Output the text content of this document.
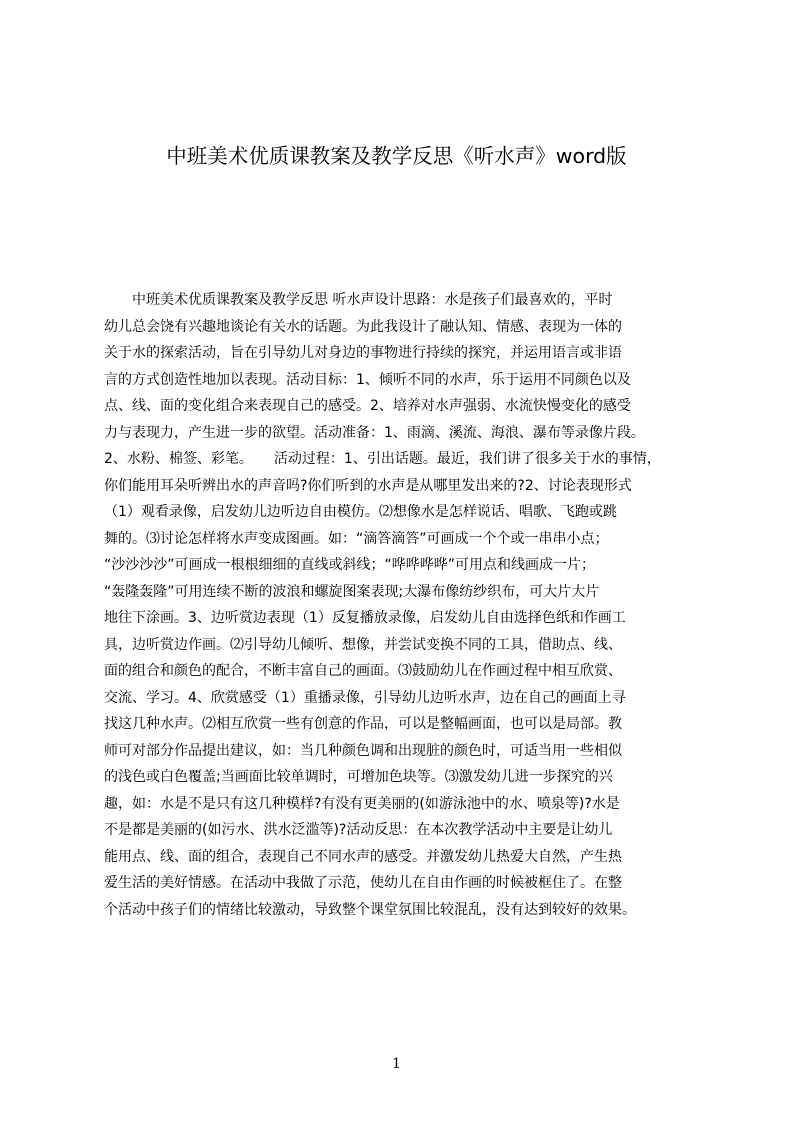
中班美术优质课教案及教学反思《听水声》word版
　　中班美术优质课教案及教学反思 听水声设计思路：水是孩子们最喜欢的，平时
幼儿总会饶有兴趣地谈论有关水的话题。为此我设计了融认知、情感、表现为一体的
关于水的探索活动，旨在引导幼儿对身边的事物进行持续的探究，并运用语言或非语
言的方式创造性地加以表现。活动目标：1、倾听不同的水声，乐于运用不同颜色以及
点、线、面的变化组合来表现自己的感受。2、培养对水声强弱、水流快慢变化的感受
力与表现力，产生进一步的欲望。活动准备：1、雨滴、溪流、海浪、瀑布等录像片段。
2、水粉、棉签、彩笔。　　活动过程：1、引出话题。最近，我们讲了很多关于水的事情，
你们能用耳朵听辨出水的声音吗?你们听到的水声是从哪里发出来的?2、讨论表现形式
（1）观看录像，启发幼儿边听边自由模仿。⑵想像水是怎样说话、唱歌、飞跑或跳
舞的。⑶讨论怎样将水声变成图画。如：“滴答滴答”可画成一个个或一串串小点；
“沙沙沙沙”可画成一根根细细的直线或斜线；“哗哗哗哗”可用点和线画成一片；
“轰隆轰隆”可用连续不断的波浪和螺旋图案表现;大瀑布像纺纱织布，可大片大片
地往下涂画。3、边听赏边表现（1）反复播放录像，启发幼儿自由选择色纸和作画工
具，边听赏边作画。⑵引导幼儿倾听、想像，并尝试变换不同的工具，借助点、线、
面的组合和颜色的配合，不断丰富自己的画面。⑶鼓励幼儿在作画过程中相互欣赏、
交流、学习。4、欣赏感受（1）重播录像，引导幼儿边听水声，边在自己的画面上寻
找这几种水声。⑵相互欣赏一些有创意的作品，可以是整幅画面，也可以是局部。教
师可对部分作品提出建议，如：当几种颜色调和出现脏的颜色时，可适当用一些相似
的浅色或白色覆盖;当画面比较单调时，可增加色块等。⑶激发幼儿进一步探究的兴
趣，如：水是不是只有这几种模样?有没有更美丽的(如游泳池中的水、喷泉等)?水是
不是都是美丽的(如污水、洪水泛滥等)?活动反思：在本次教学活动中主要是让幼儿
能用点、线、面的组合，表现自己不同水声的感受。并激发幼儿热爱大自然，产生热
爱生活的美好情感。在活动中我做了示范，使幼儿在自由作画的时候被框住了。在整
个活动中孩子们的情绪比较激动，导致整个课堂氛围比较混乱，没有达到较好的效果。
1
